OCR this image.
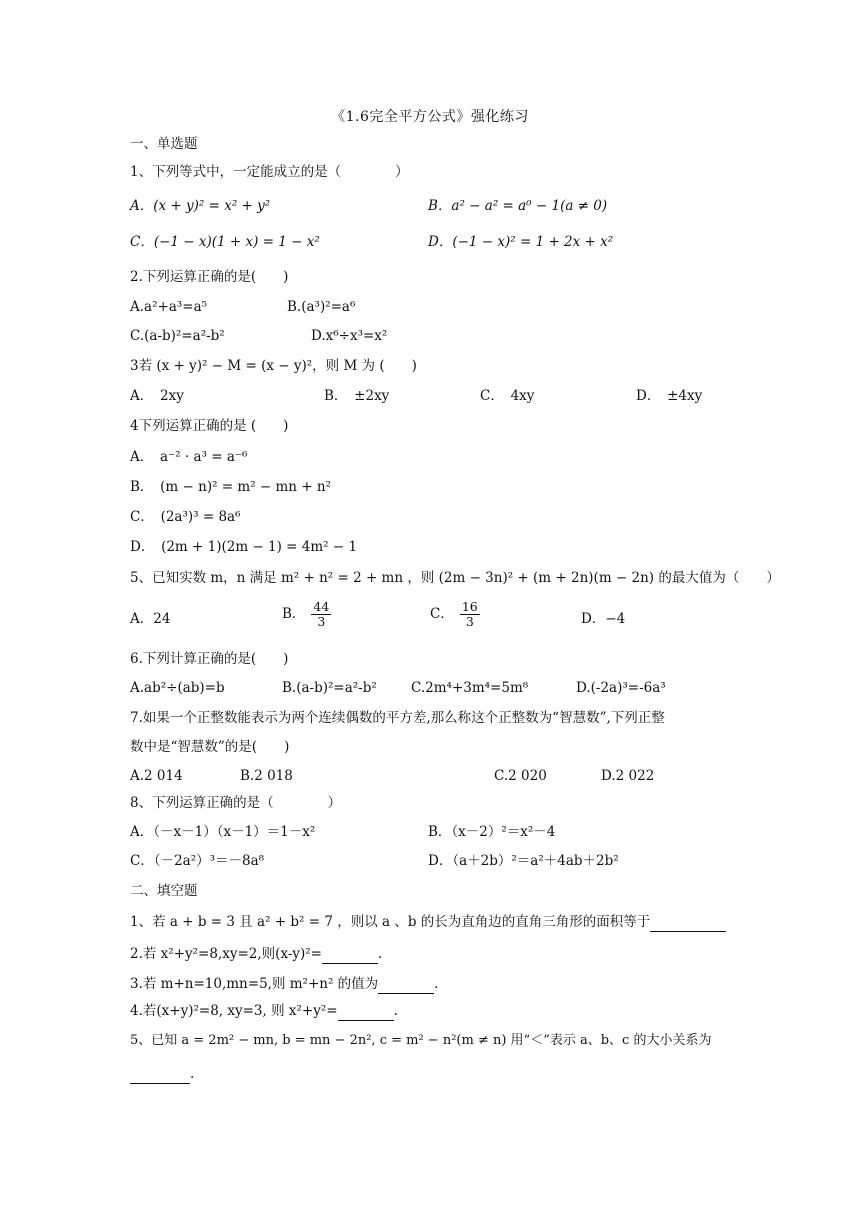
《1.6完全平方公式》强化练习
一、单选题
1、下列等式中，一定能成立的是（　　　　）
A．(x + y)² = x² + y²	B．a² − a² = a⁰ − 1(a ≠ 0)
C．(−1 − x)(1 + x) = 1 − x²	D．(−1 − x)² = 1 + 2x + x²
2.下列运算正确的是(　　)
A.a²+a³=a⁵	B.(a³)²=a⁶
C.(a-b)²=a²-b²	D.x⁶÷x³=x²
3若 (x + y)² − M = (x − y)²，则 M 为 (　　)
A．　2xy	B．　±2xy	C．　4xy	D．　±4xy
4下列运算正确的是 (　　)
A．　a⁻² · a³ = a⁻⁶
B．　(m − n)² = m² − mn + n²
C．　(2a³)³ = 8a⁶
D．　(2m + 1)(2m − 1) = 4m² − 1
5、已知实数 m，n 满足 m² + n² = 2 + mn ，则 (2m − 3n)² + (m + 2n)(m − 2n) 的最大值为（　　）
A．24	B． $\frac{44}{3}$	C． $\frac{16}{3}$	D．−4
6.下列计算正确的是(　　)
A.ab²÷(ab)=b	B.(a-b)²=a²-b²	C.2m⁴+3m⁴=5m⁸	D.(-2a)³=-6a³
7.如果一个正整数能表示为两个连续偶数的平方差,那么称这个正整数为“智慧数”,下列正整
数中是“智慧数”的是(　　)
A.2 014	B.2 018	C.2 020	D.2 022
8、下列运算正确的是（　　　　）
A．（－x－1）（x－1）＝1－x²	B．（x－2）²＝x²－4
C．（－2a²）³＝－8a⁸	D．（a＋2b）²＝a²＋4ab＋2b²
二、填空题
1、若 a + b = 3 且 a² + b² = 7 ，则以 a 、b 的长为直角边的直角三角形的面积等于
2.若 x²+y²=8,xy=2,则(x-y)²=	.
3.若 m+n=10,mn=5,则 m²+n² 的值为	.
4.若(x+y)²=8, xy=3, 则 x²+y²=	.
5、已知 a = 2m² − mn, b = mn − 2n², c = m² − n²(m ≠ n) 用“＜”表示 a、b、c 的大小关系为
.
